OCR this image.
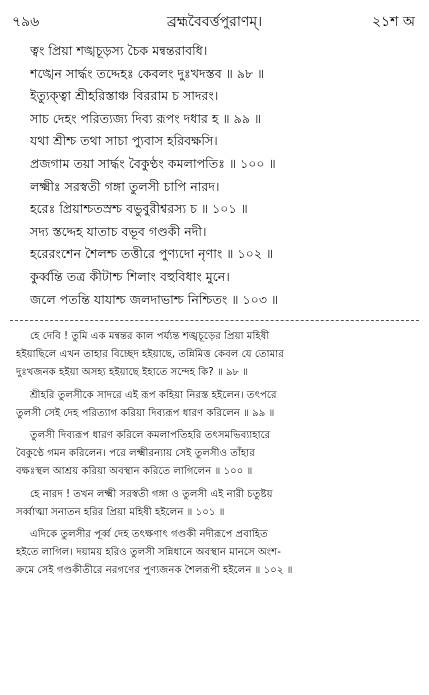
৭৯৬	ব্রহ্মবৈবর্ত্তপুরাণম্।	২১শ অ
ত্বং প্রিয়া শঙ্খচূড়স্য চৈক মন্বন্তরাবধি।
শঙ্খেন সার্দ্ধং তদ্দেহঃ কেবলং দুঃখদস্তব ॥ ৯৮ ॥
ইত্যুক্ত্বা শ্রীহরিস্তাঞ্চ বিররাম চ সাদরং।
সাচ দেহং পরিত্যজ্য দিব্য রূপং দধার হ ॥ ৯৯ ॥
যথা শ্রীশ্চ তথা সাচা প্যুবাস হরিবক্ষসি।
প্রজগাম তয়া সার্দ্ধং বৈকুণ্ঠং কমলাপতিঃ ॥ ১০০ ॥
লক্ষ্মীঃ সরস্বতী গঙ্গা তুলসী চাপি নারদ।
হরেঃ প্রিয়াশ্চতস্রশ্চ বভুবুরীশ্বরস্য চ ॥ ১০১ ॥
সদ্য স্তদ্দেহ যাতাচ বভূব গণ্ডকী নদী।
হরেরংশেন শৈলশ্চ তত্তীরে পুণ্যদো নৃণাং ॥ ১০২ ॥
কুর্ব্বন্তি তত্র কীটাশ্চ শিলাং বহুবিধাং মুনে।
জলে পতন্তি যাযাশ্চ জলদাভাশ্চ নিশ্চিতং ॥ ১০৩ ॥
হে দেবি ! তুমি এক মন্বন্তর কাল পর্য্যন্ত শঙ্খচূড়ের প্রিয়া মহিষী
হইয়াছিলে এখন তাহার বিচ্ছেদ হইয়াছে, তন্নিমিত্ত কেবল যে তোমার
দুঃখজনক হইয়া অসহ্য হইয়াছে ইহাতে সন্দেহ কি? ॥ ৯৮ ॥
শ্রীহরি তুলসীকে সাদরে এই রূপ কহিয়া নিরস্ত হইলেন। তৎপরে
তুলসী সেই দেহ পরিত্যাগ করিয়া দিব্যরূপ ধারণ করিলেন ॥ ৯৯ ॥
তুলসী দিব্যরূপ ধারণ করিলে কমলাপতিহরি তৎসমভিব্যাহারে
বৈকুণ্ঠে গমন করিলেন। পরে লক্ষ্মীরন্যায় সেই তুলসীও তাঁহার
বক্ষঃস্থল আশ্রয় করিয়া অবস্থান করিতে লাগিলেন ॥ ১০০ ॥
হে নারদ ! তখন লক্ষ্মী সরস্বতী গঙ্গা ও তুলসী এই নারী চতুষ্টয়
সর্ব্বাত্মা সনাতন হরির প্রিয়া মহিষী হইলেন ॥ ১০১ ॥
এদিকে তুলসীর পূর্ব্ব দেহ তৎক্ষণাৎ গণ্ডকী নদীরূপে প্রবাহিত
হইতে লাগিল। দয়াময় হরিও তুলসী সন্নিধানে অবস্থান মানসে অংশ-
ক্রমে সেই গণ্ডকীতীরে নরগণের পুণ্যজনক শৈলরূপী হইলেন ॥ ১০২ ॥
